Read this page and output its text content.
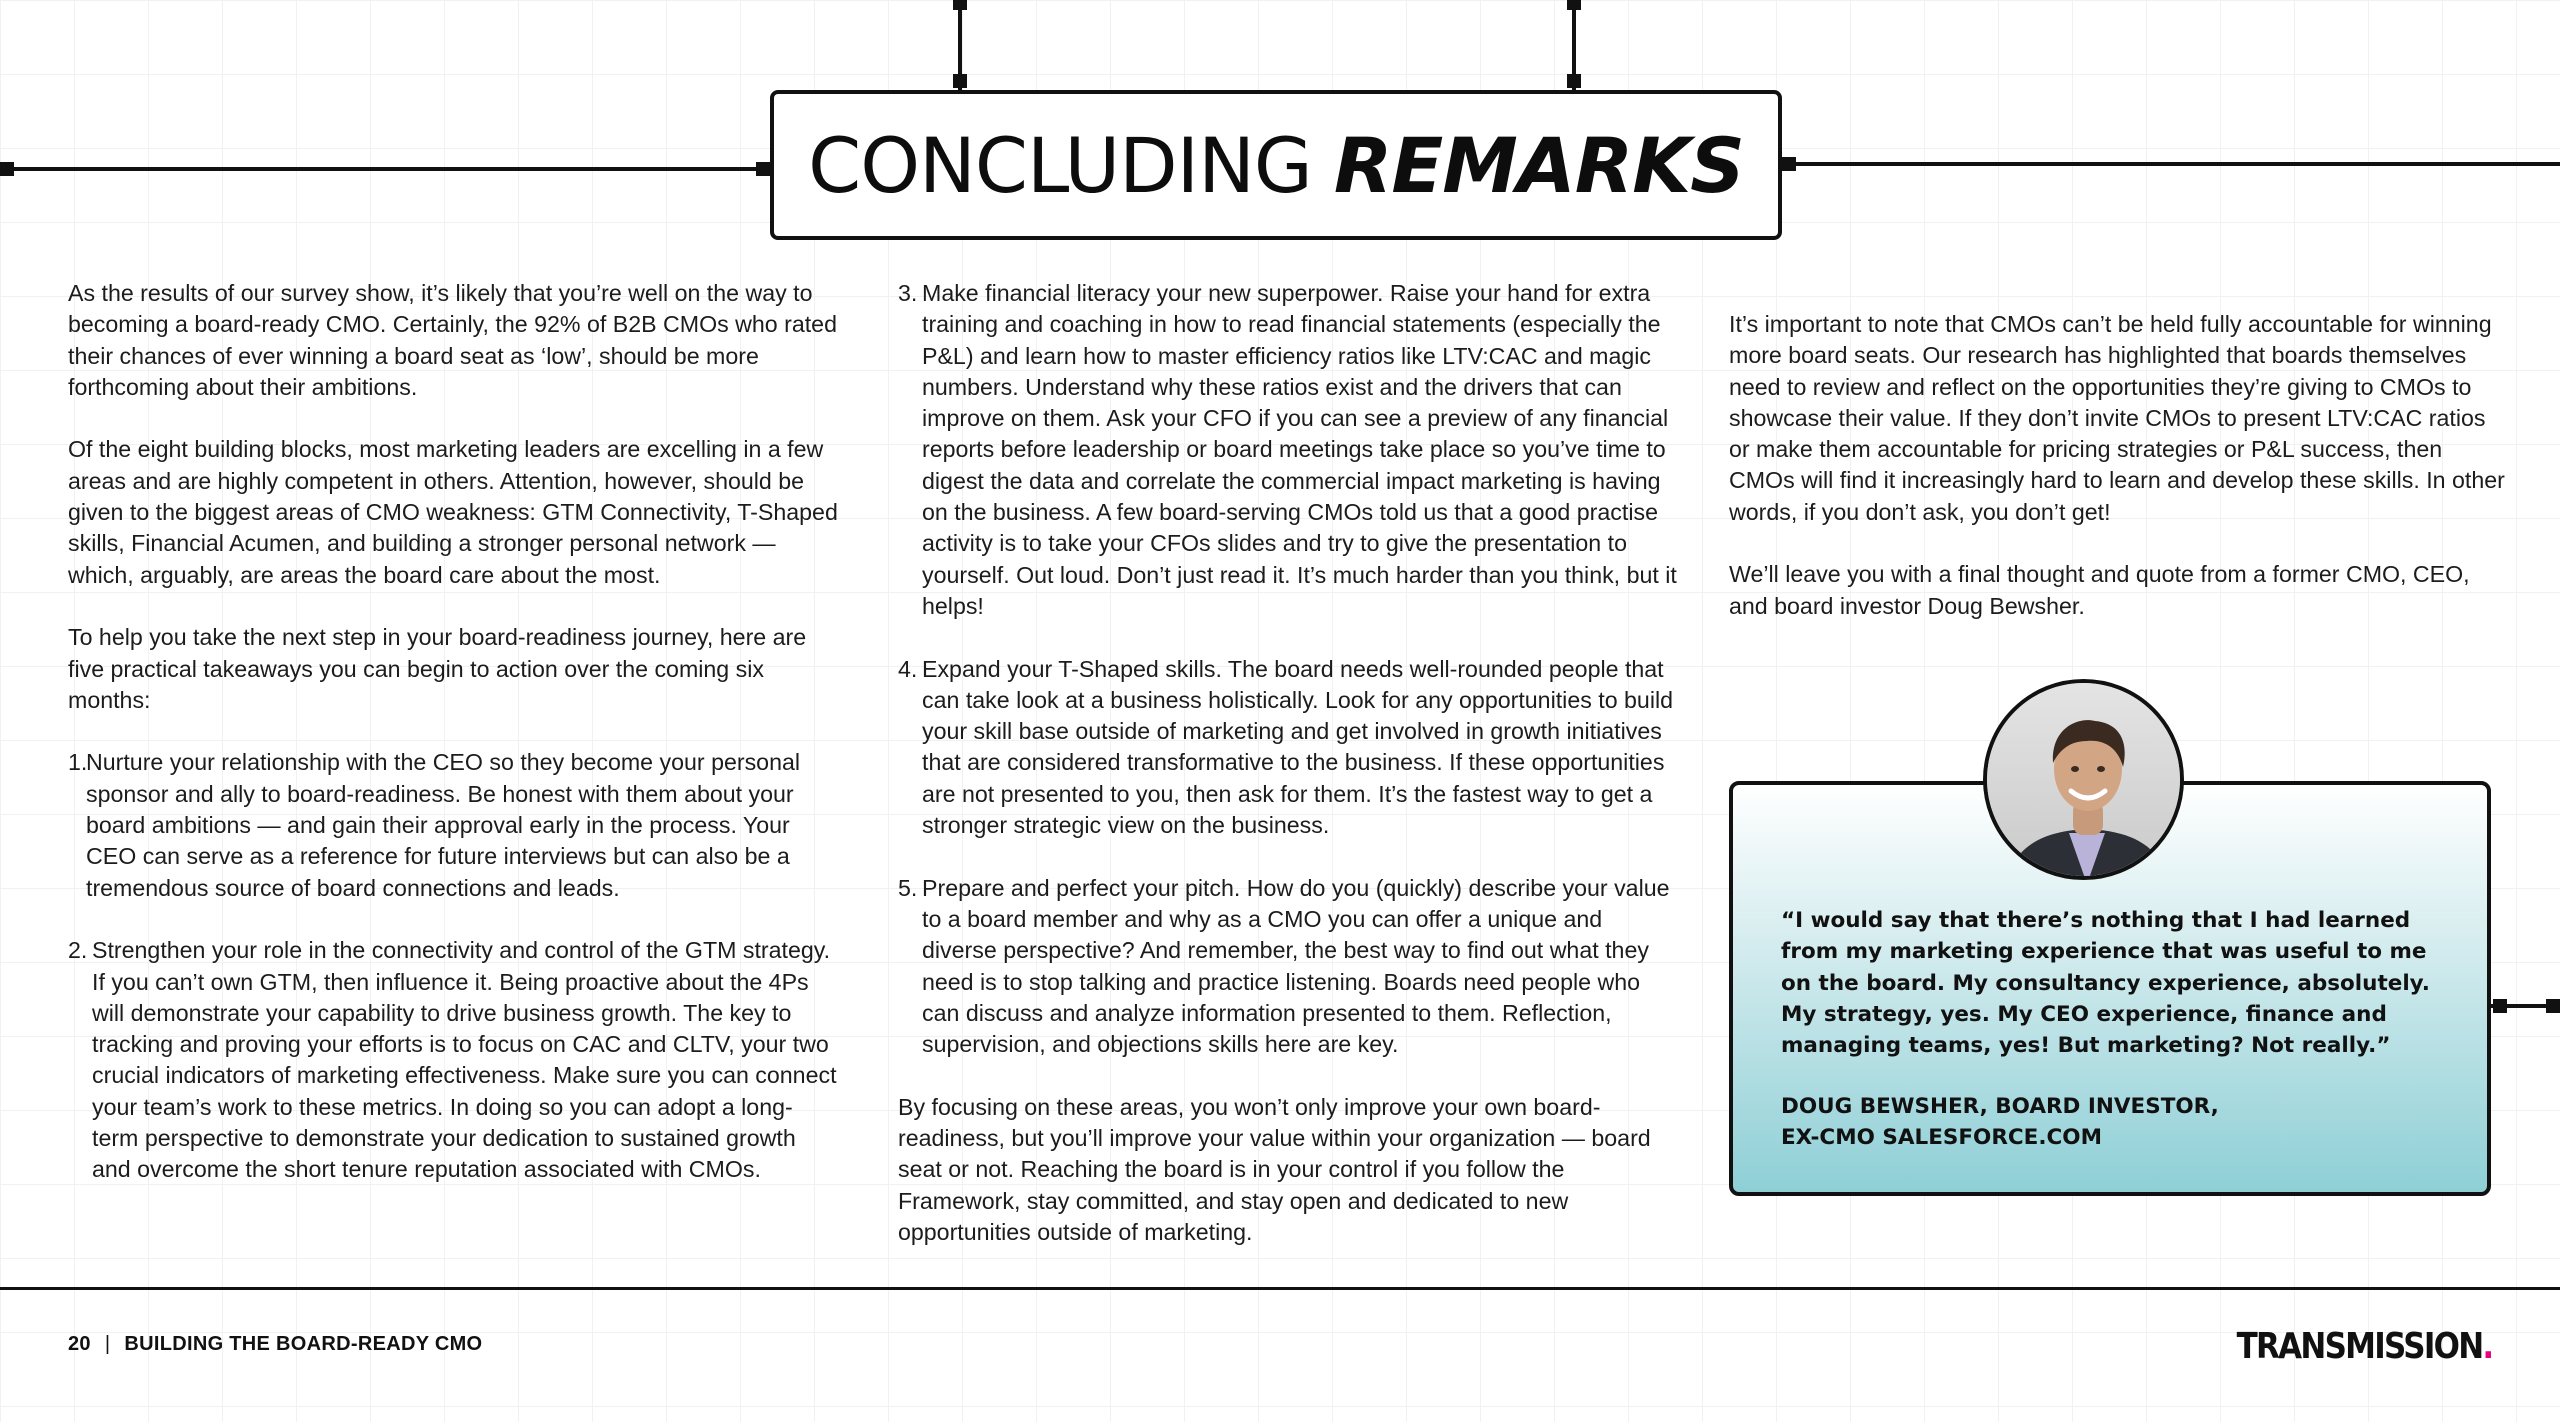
CONCLUDING REMARKS

As the results of our survey show, it’s likely that you’re well on the way to becoming a board-ready CMO. Certainly, the 92% of B2B CMOs who rated their chances of ever winning a board seat as ‘low’, should be more forthcoming about their ambitions.

Of the eight building blocks, most marketing leaders are excelling in a few areas and are highly competent in others. Attention, however, should be given to the biggest areas of CMO weakness: GTM Connectivity, T-Shaped skills, Financial Acumen, and building a stronger personal network — which, arguably, are areas the board care about the most.

To help you take the next step in your board-readiness journey, here are five practical takeaways you can begin to action over the coming six months:

1.
Nurture your relationship with the CEO so they become your personal sponsor and ally to board-readiness. Be honest with them about your board ambitions — and gain their approval early in the process. Your CEO can serve as a reference for future interviews but can also be a tremendous source of board connections and leads.
2. Strengthen your role in the connectivity and control of the GTM strategy. If you can’t own GTM, then influence it. Being proactive about the 4Ps will demonstrate your capability to drive business growth. The key to tracking and proving your efforts is to focus on CAC and CLTV, your two crucial indicators of marketing effectiveness. Make sure you can connect your team’s work to these metrics. In doing so you can adopt a long-term perspective to demonstrate your dedication to sustained growth and overcome the short tenure reputation associated with CMOs.
3. Make financial literacy your new superpower. Raise your hand for extra training and coaching in how to read financial statements (especially the P&L) and learn how to master efficiency ratios like LTV:CAC and magic numbers. Understand why these ratios exist and the drivers that can improve on them. Ask your CFO if you can see a preview of any financial reports before leadership or board meetings take place so you’ve time to digest the data and correlate the commercial impact marketing is having on the business. A few board-serving CMOs told us that a good practise activity is to take your CFOs slides and try to give the presentation to yourself. Out loud. Don’t just read it. It’s much harder than you think, but it helps!
4. Expand your T-Shaped skills. The board needs well-rounded people that can take look at a business holistically. Look for any opportunities to build your skill base outside of marketing and get involved in growth initiatives that are considered transformative to the business. If these opportunities are not presented to you, then ask for them. It’s the fastest way to get a stronger strategic view on the business.
5. Prepare and perfect your pitch. How do you (quickly) describe your value to a board member and why as a CMO you can offer a unique and diverse perspective? And remember, the best way to find out what they need is to stop talking and practice listening. Boards need people who can discuss and analyze information presented to them. Reflection, supervision, and objections skills here are key.

By focusing on these areas, you won’t only improve your own board-readiness, but you’ll improve your value within your organization — board seat or not. Reaching the board is in your control if you follow the Framework, stay committed, and stay open and dedicated to new opportunities outside of marketing.

It’s important to note that CMOs can’t be held fully accountable for winning more board seats. Our research has highlighted that boards themselves need to review and reflect on the opportunities they’re giving to CMOs to showcase their value. If they don’t invite CMOs to present LTV:CAC ratios or make them accountable for pricing strategies or P&L success, then CMOs will find it increasingly hard to learn and develop these skills. In other words, if you don’t ask, you don’t get!

We’ll leave you with a final thought and quote from a former CMO, CEO, and board investor Doug Bewsher.

“I would say that there’s nothing that I had learned from my marketing experience that was useful to me on the board. My consultancy experience, absolutely. My strategy, yes. My CEO experience, finance and managing teams, yes! But marketing? Not really.”

DOUG BEWSHER, BOARD INVESTOR,
EX-CMO SALESFORCE.COM
20 | BUILDING THE BOARD-READY CMO	TRANSMISSION.
